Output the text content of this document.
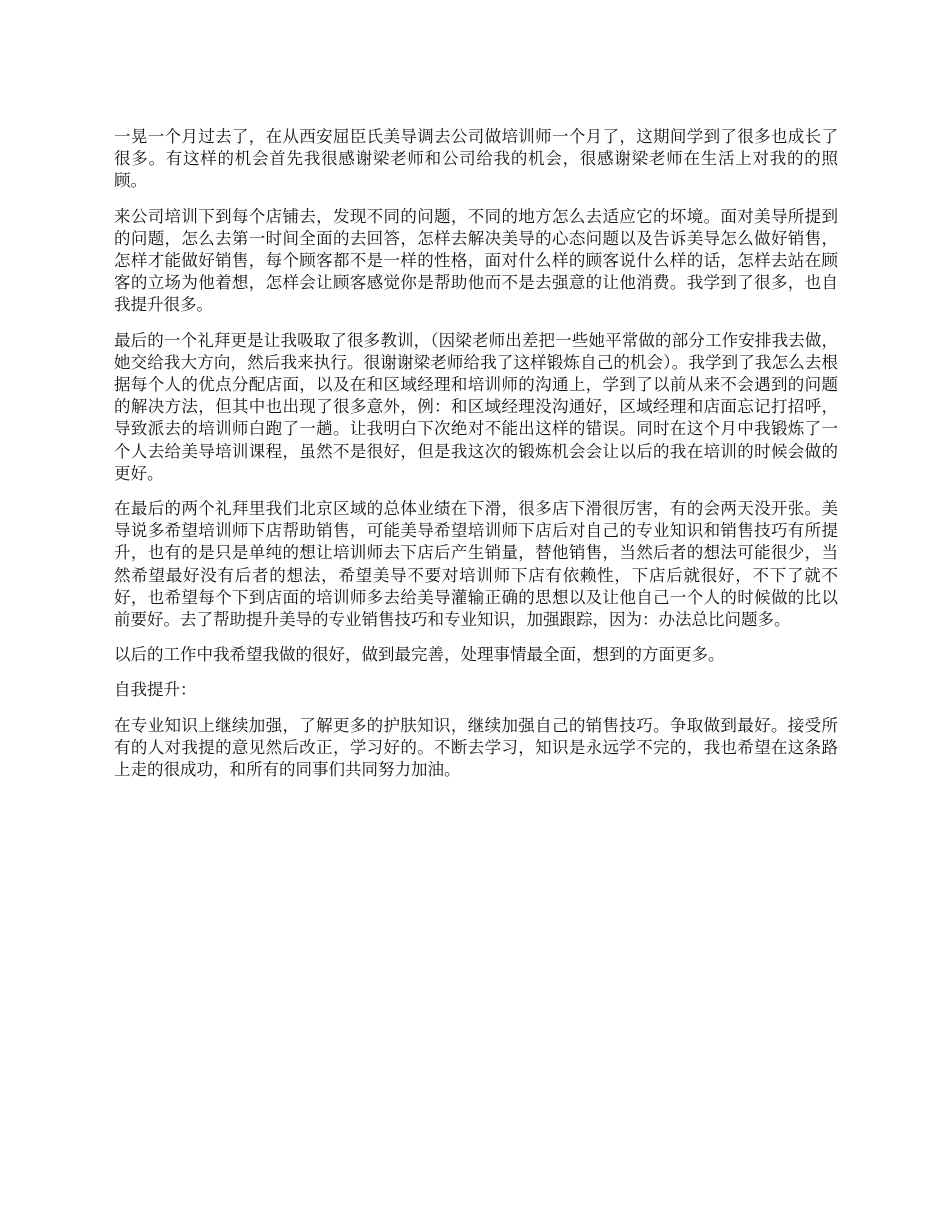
一晃一个月过去了，在从西安屈臣氏美导调去公司做培训师一个月了，这期间学到了很多也成长了很多。有这样的机会首先我很感谢梁老师和公司给我的机会，很感谢梁老师在生活上对我的的照顾。

来公司培训下到每个店铺去，发现不同的问题，不同的地方怎么去适应它的坏境。面对美导所提到的问题，怎么去第一时间全面的去回答，怎样去解决美导的心态问题以及告诉美导怎么做好销售，怎样才能做好销售，每个顾客都不是一样的性格，面对什么样的顾客说什么样的话，怎样去站在顾客的立场为他着想，怎样会让顾客感觉你是帮助他而不是去强意的让他消费。我学到了很多，也自我提升很多。

最后的一个礼拜更是让我吸取了很多教训，（因梁老师出差把一些她平常做的部分工作安排我去做，她交给我大方向，然后我来执行。很谢谢梁老师给我了这样锻炼自己的机会）。我学到了我怎么去根据每个人的优点分配店面，以及在和区域经理和培训师的沟通上，学到了以前从来不会遇到的问题的解决方法，但其中也出现了很多意外，例：和区域经理没沟通好，区域经理和店面忘记打招呼，导致派去的培训师白跑了一趟。让我明白下次绝对不能出这样的错误。同时在这个月中我锻炼了一个人去给美导培训课程，虽然不是很好，但是我这次的锻炼机会会让以后的我在培训的时候会做的更好。

在最后的两个礼拜里我们北京区域的总体业绩在下滑，很多店下滑很厉害，有的会两天没开张。美导说多希望培训师下店帮助销售，可能美导希望培训师下店后对自己的专业知识和销售技巧有所提升，也有的是只是单纯的想让培训师去下店后产生销量，替他销售，当然后者的想法可能很少，当然希望最好没有后者的想法，希望美导不要对培训师下店有依赖性，下店后就很好，不下了就不好，也希望每个下到店面的培训师多去给美导灌输正确的思想以及让他自己一个人的时候做的比以前要好。去了帮助提升美导的专业销售技巧和专业知识，加强跟踪，因为：办法总比问题多。

以后的工作中我希望我做的很好，做到最完善，处理事情最全面，想到的方面更多。

自我提升：

在专业知识上继续加强，了解更多的护肤知识，继续加强自己的销售技巧。争取做到最好。接受所有的人对我提的意见然后改正，学习好的。不断去学习，知识是永远学不完的，我也希望在这条路上走的很成功，和所有的同事们共同努力加油。
